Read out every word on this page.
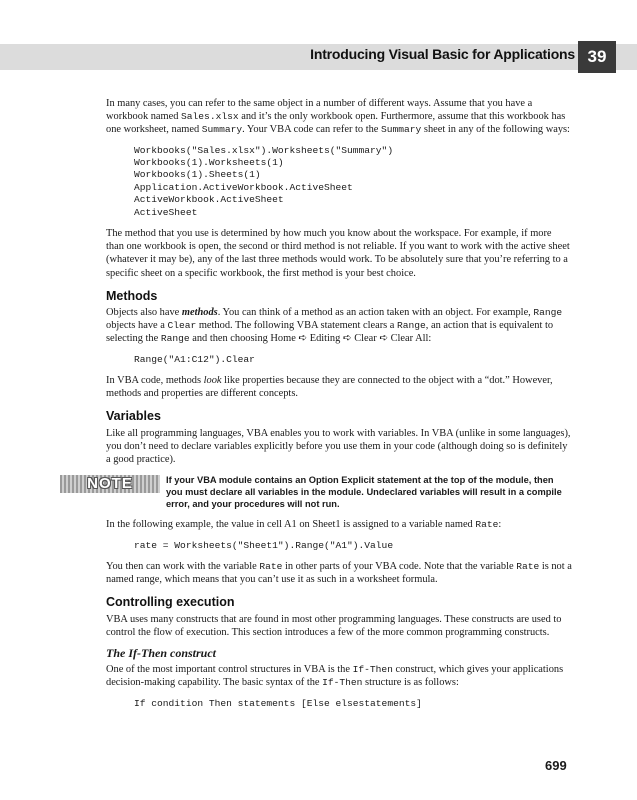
Introducing Visual Basic for Applications 39

In many cases, you can refer to the same object in a number of different ways. Assume that you have a workbook named Sales.xlsx and it’s the only workbook open. Furthermore, assume that this workbook has one worksheet, named Summary. Your VBA code can refer to the Summary sheet in any of the following ways:

Workbooks("Sales.xlsx").Worksheets("Summary")
Workbooks(1).Worksheets(1)
Workbooks(1).Sheets(1)
Application.ActiveWorkbook.ActiveSheet
ActiveWorkbook.ActiveSheet
ActiveSheet

The method that you use is determined by how much you know about the workspace. For example, if more than one workbook is open, the second or third method is not reliable. If you want to work with the active sheet (whatever it may be), any of the last three methods would work. To be absolutely sure that you’re referring to a specific sheet on a specific workbook, the first method is your best choice.

Methods

Objects also have methods. You can think of a method as an action taken with an object. For example, Range objects have a Clear method. The following VBA statement clears a Range, an action that is equivalent to selecting the Range and then choosing Home ➪ Editing ➪ Clear ➪ Clear All:

Range("A1:C12").Clear

In VBA code, methods look like properties because they are connected to the object with a “dot.” However, methods and properties are different concepts.

Variables

Like all programming languages, VBA enables you to work with variables. In VBA (unlike in some languages), you don’t need to declare variables explicitly before you use them in your code (although doing so is definitely a good practice).

NOTE	If your VBA module contains an Option Explicit statement at the top of the module, then you must declare all variables in the module. Undeclared variables will result in a compile error, and your procedures will not run.

In the following example, the value in cell A1 on Sheet1 is assigned to a variable named Rate:

rate = Worksheets("Sheet1").Range("A1").Value

You then can work with the variable Rate in other parts of your VBA code. Note that the variable Rate is not a named range, which means that you can’t use it as such in a worksheet formula.

Controlling execution

VBA uses many constructs that are found in most other programming languages. These constructs are used to control the flow of execution. This section introduces a few of the more common programming constructs.

The If-Then construct

One of the most important control structures in VBA is the If-Then construct, which gives your applications decision-making capability. The basic syntax of the If-Then structure is as follows:

If condition Then statements [Else elsestatements]
699
